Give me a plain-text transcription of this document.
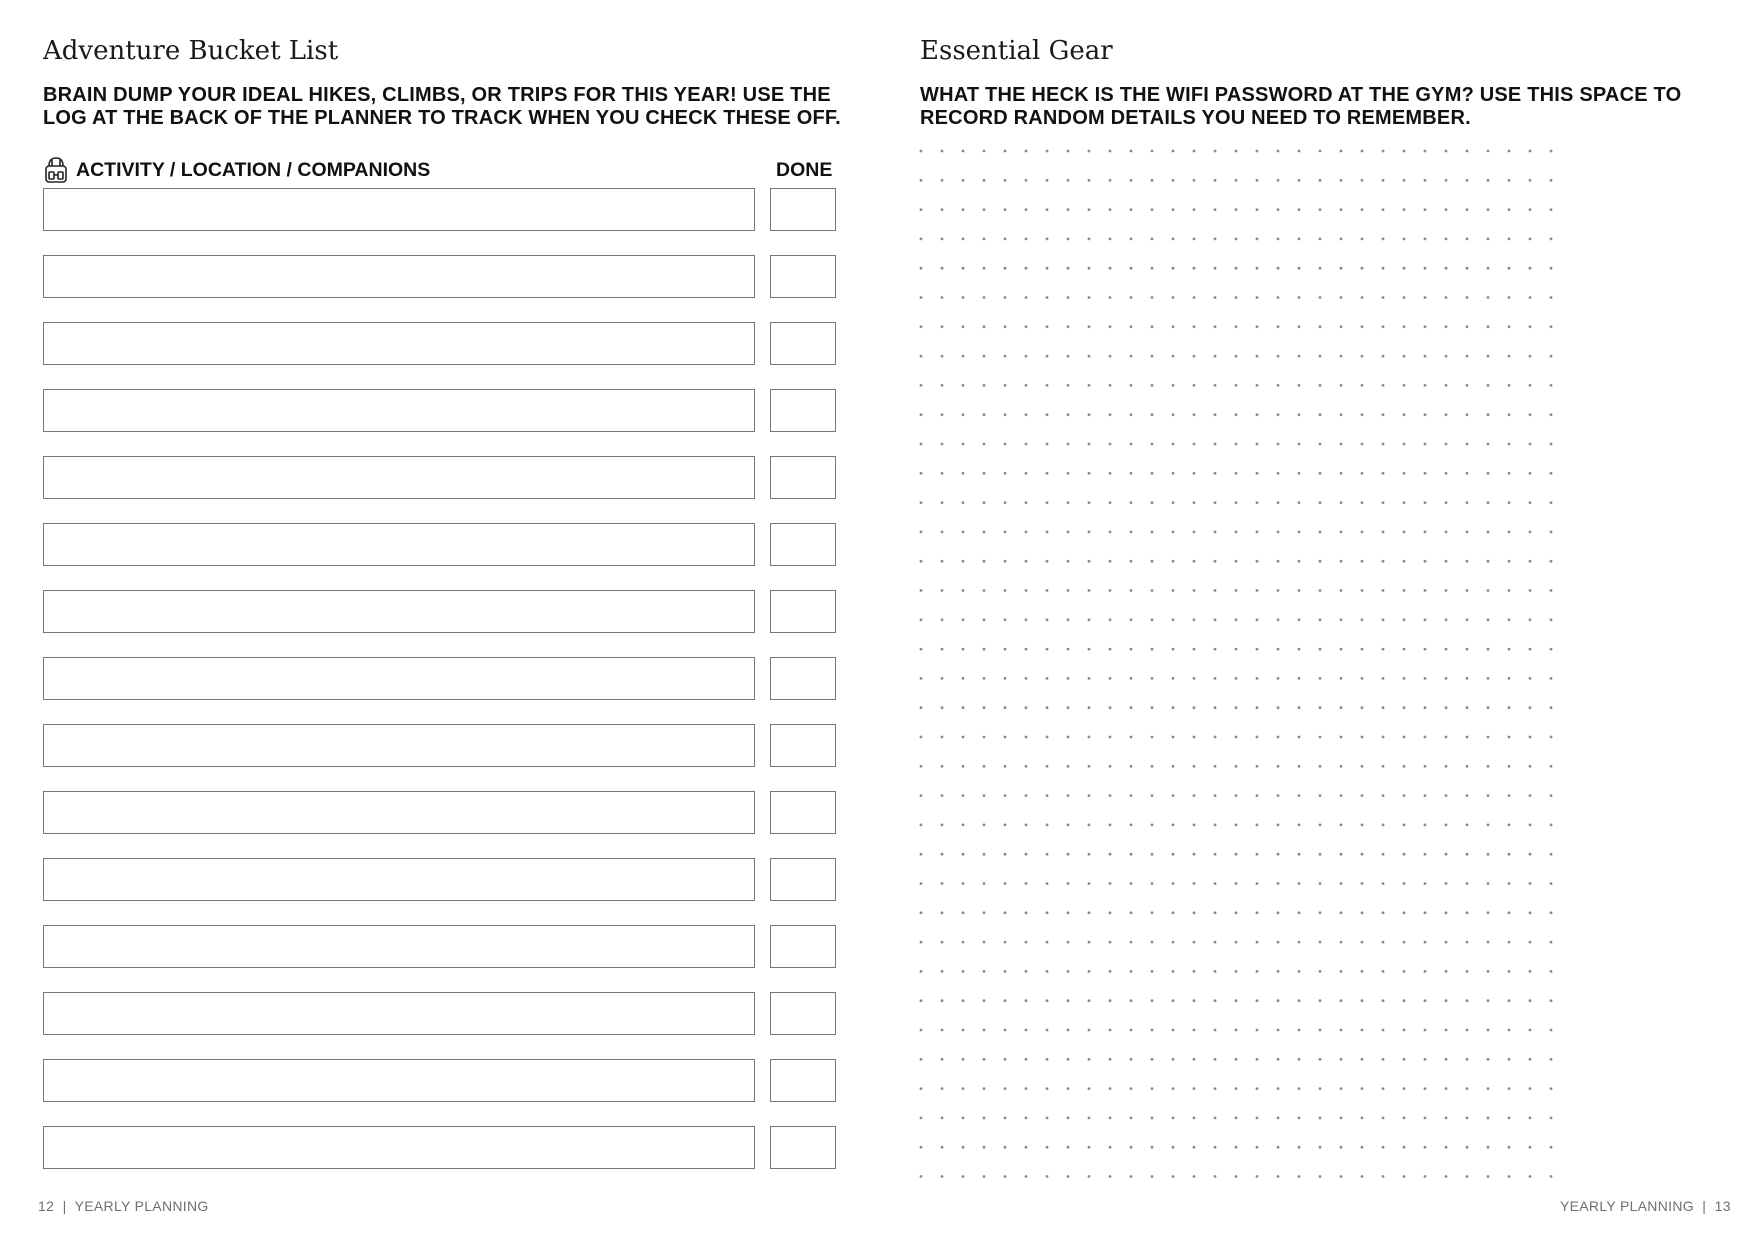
Adventure Bucket List

BRAIN DUMP YOUR IDEAL HIKES, CLIMBS, OR TRIPS FOR THIS YEAR! USE THE
LOG AT THE BACK OF THE PLANNER TO TRACK WHEN YOU CHECK THESE OFF.

ACTIVITY / LOCATION / COMPANIONS	DONE
12  |  YEARLY PLANNING
Essential Gear

WHAT THE HECK IS THE WIFI PASSWORD AT THE GYM? USE THIS SPACE TO
RECORD RANDOM DETAILS YOU NEED TO REMEMBER.

YEARLY PLANNING  |  13
